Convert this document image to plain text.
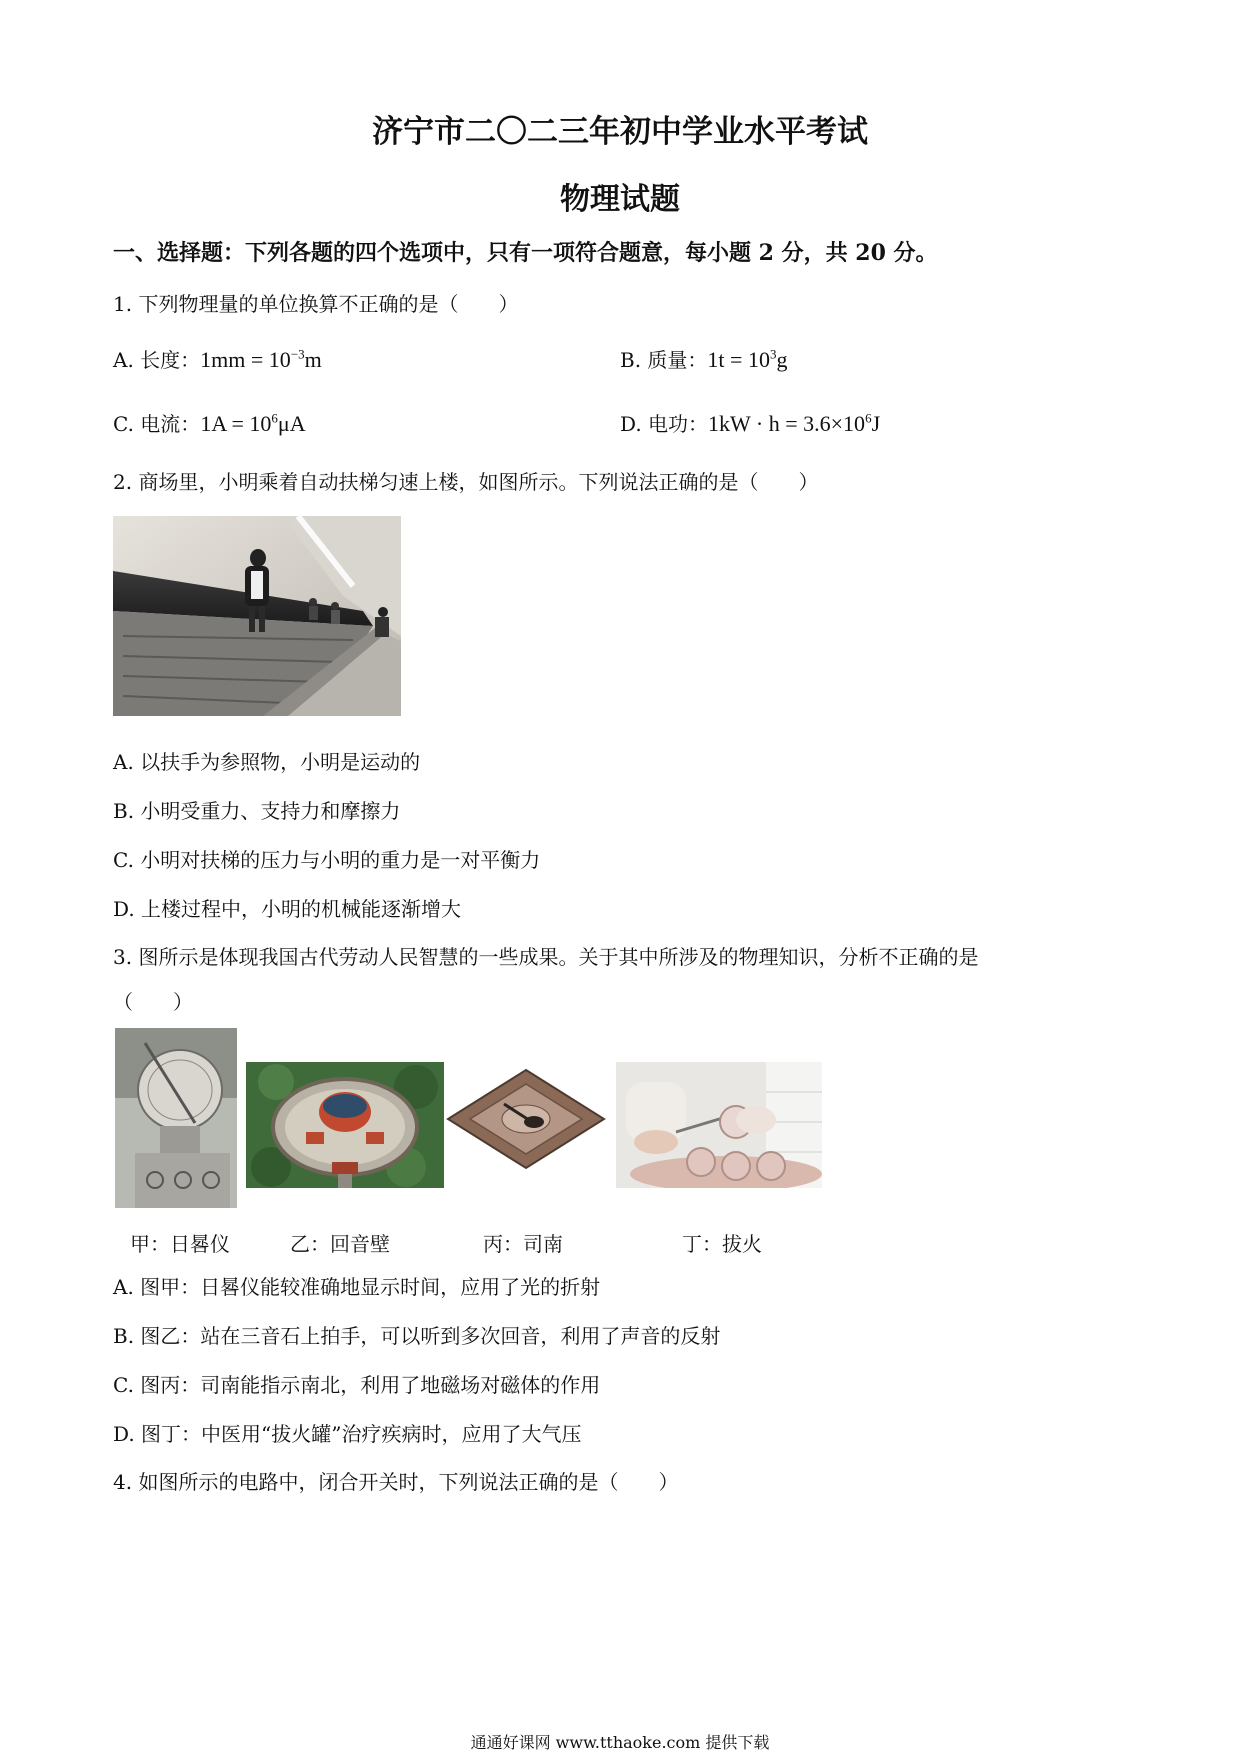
济宁市二〇二三年初中学业水平考试
物理试题
一、选择题：下列各题的四个选项中，只有一项符合题意，每小题 2 分，共 20 分。
1. 下列物理量的单位换算不正确的是（　　）
A. 长度：$1mm = 10^{-3}m$	B. 质量：$1t = 10^3g$
C. 电流：$1A = 10^6\mu A$	D. 电功：$1kW \cdot h = 3.6\times 10^6J$
2. 商场里，小明乘着自动扶梯匀速上楼，如图所示。下列说法正确的是（　　）
A. 以扶手为参照物，小明是运动的
B. 小明受重力、支持力和摩擦力
C. 小明对扶梯的压力与小明的重力是一对平衡力
D. 上楼过程中，小明的机械能逐渐增大
3. 图所示是体现我国古代劳动人民智慧的一些成果。关于其中所涉及的物理知识，分析不正确的是
（　　）
甲：日晷仪	乙：回音壁	丙：司南	丁：拔火
A. 图甲：日晷仪能较准确地显示时间，应用了光的折射
B. 图乙：站在三音石上拍手，可以听到多次回音，利用了声音的反射
C. 图丙：司南能指示南北，利用了地磁场对磁体的作用
D. 图丁：中医用“拔火罐”治疗疾病时，应用了大气压
4. 如图所示的电路中，闭合开关时，下列说法正确的是（　　）
通通好课网 www.tthaoke.com 提供下载
